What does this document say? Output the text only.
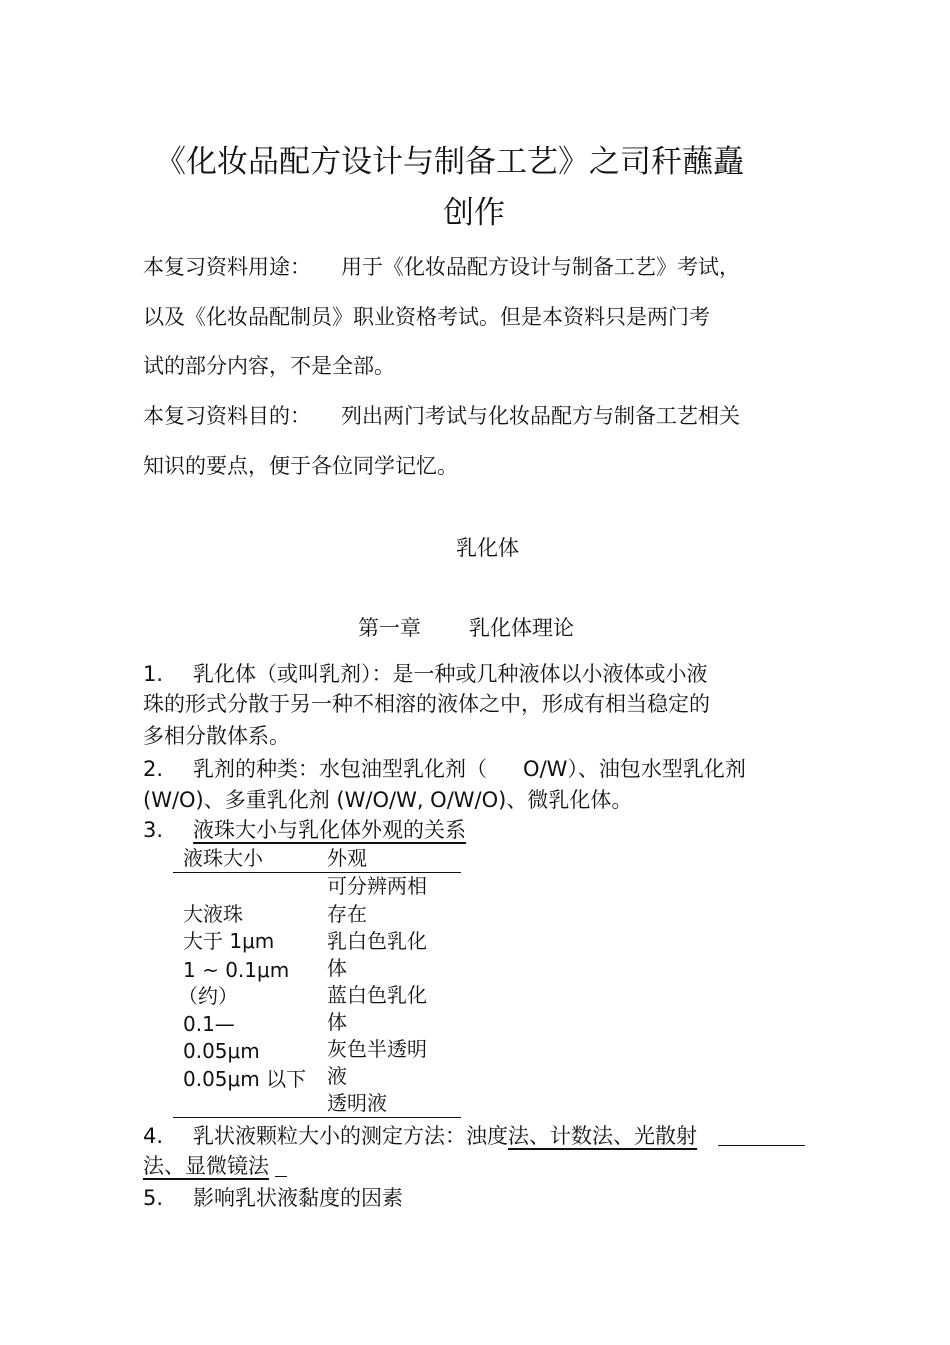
《化妆品配方设计与制备工艺》之司秆蘸矗
创作
本复习资料用途： 用于《化妆品配方设计与制备工艺》考试，
以及《化妆品配制员》职业资格考试。但是本资料只是两门考
试的部分内容，不是全部。
本复习资料目的： 列出两门考试与化妆品配方与制备工艺相关
知识的要点，便于各位同学记忆。
乳化体
第一章 乳化体理论
1. 乳化体（或叫乳剂）：是一种或几种液体以小液体或小液
珠的形式分散于另一种不相溶的液体之中，形成有相当稳定的
多相分散体系。
2. 乳剂的种类：水包油型乳化剂（ O/W）、油包水型乳化剂
(W/O)、多重乳化剂 (W/O/W, O/W/O)、微乳化体。
3. 液珠大小与乳化体外观的关系
液珠大小	外观
可分辨两相
存在
乳白色乳化
体
蓝白色乳化
体
灰色半透明
液
透明液
大液珠
大于 1μm
1 ~ 0.1μm
（约）
0.1—
0.05μm
0.05μm 以下
4. 乳状液颗粒大小的测定方法：浊度法、计数法、光散射
法、显微镜法
5. 影响乳状液黏度的因素
